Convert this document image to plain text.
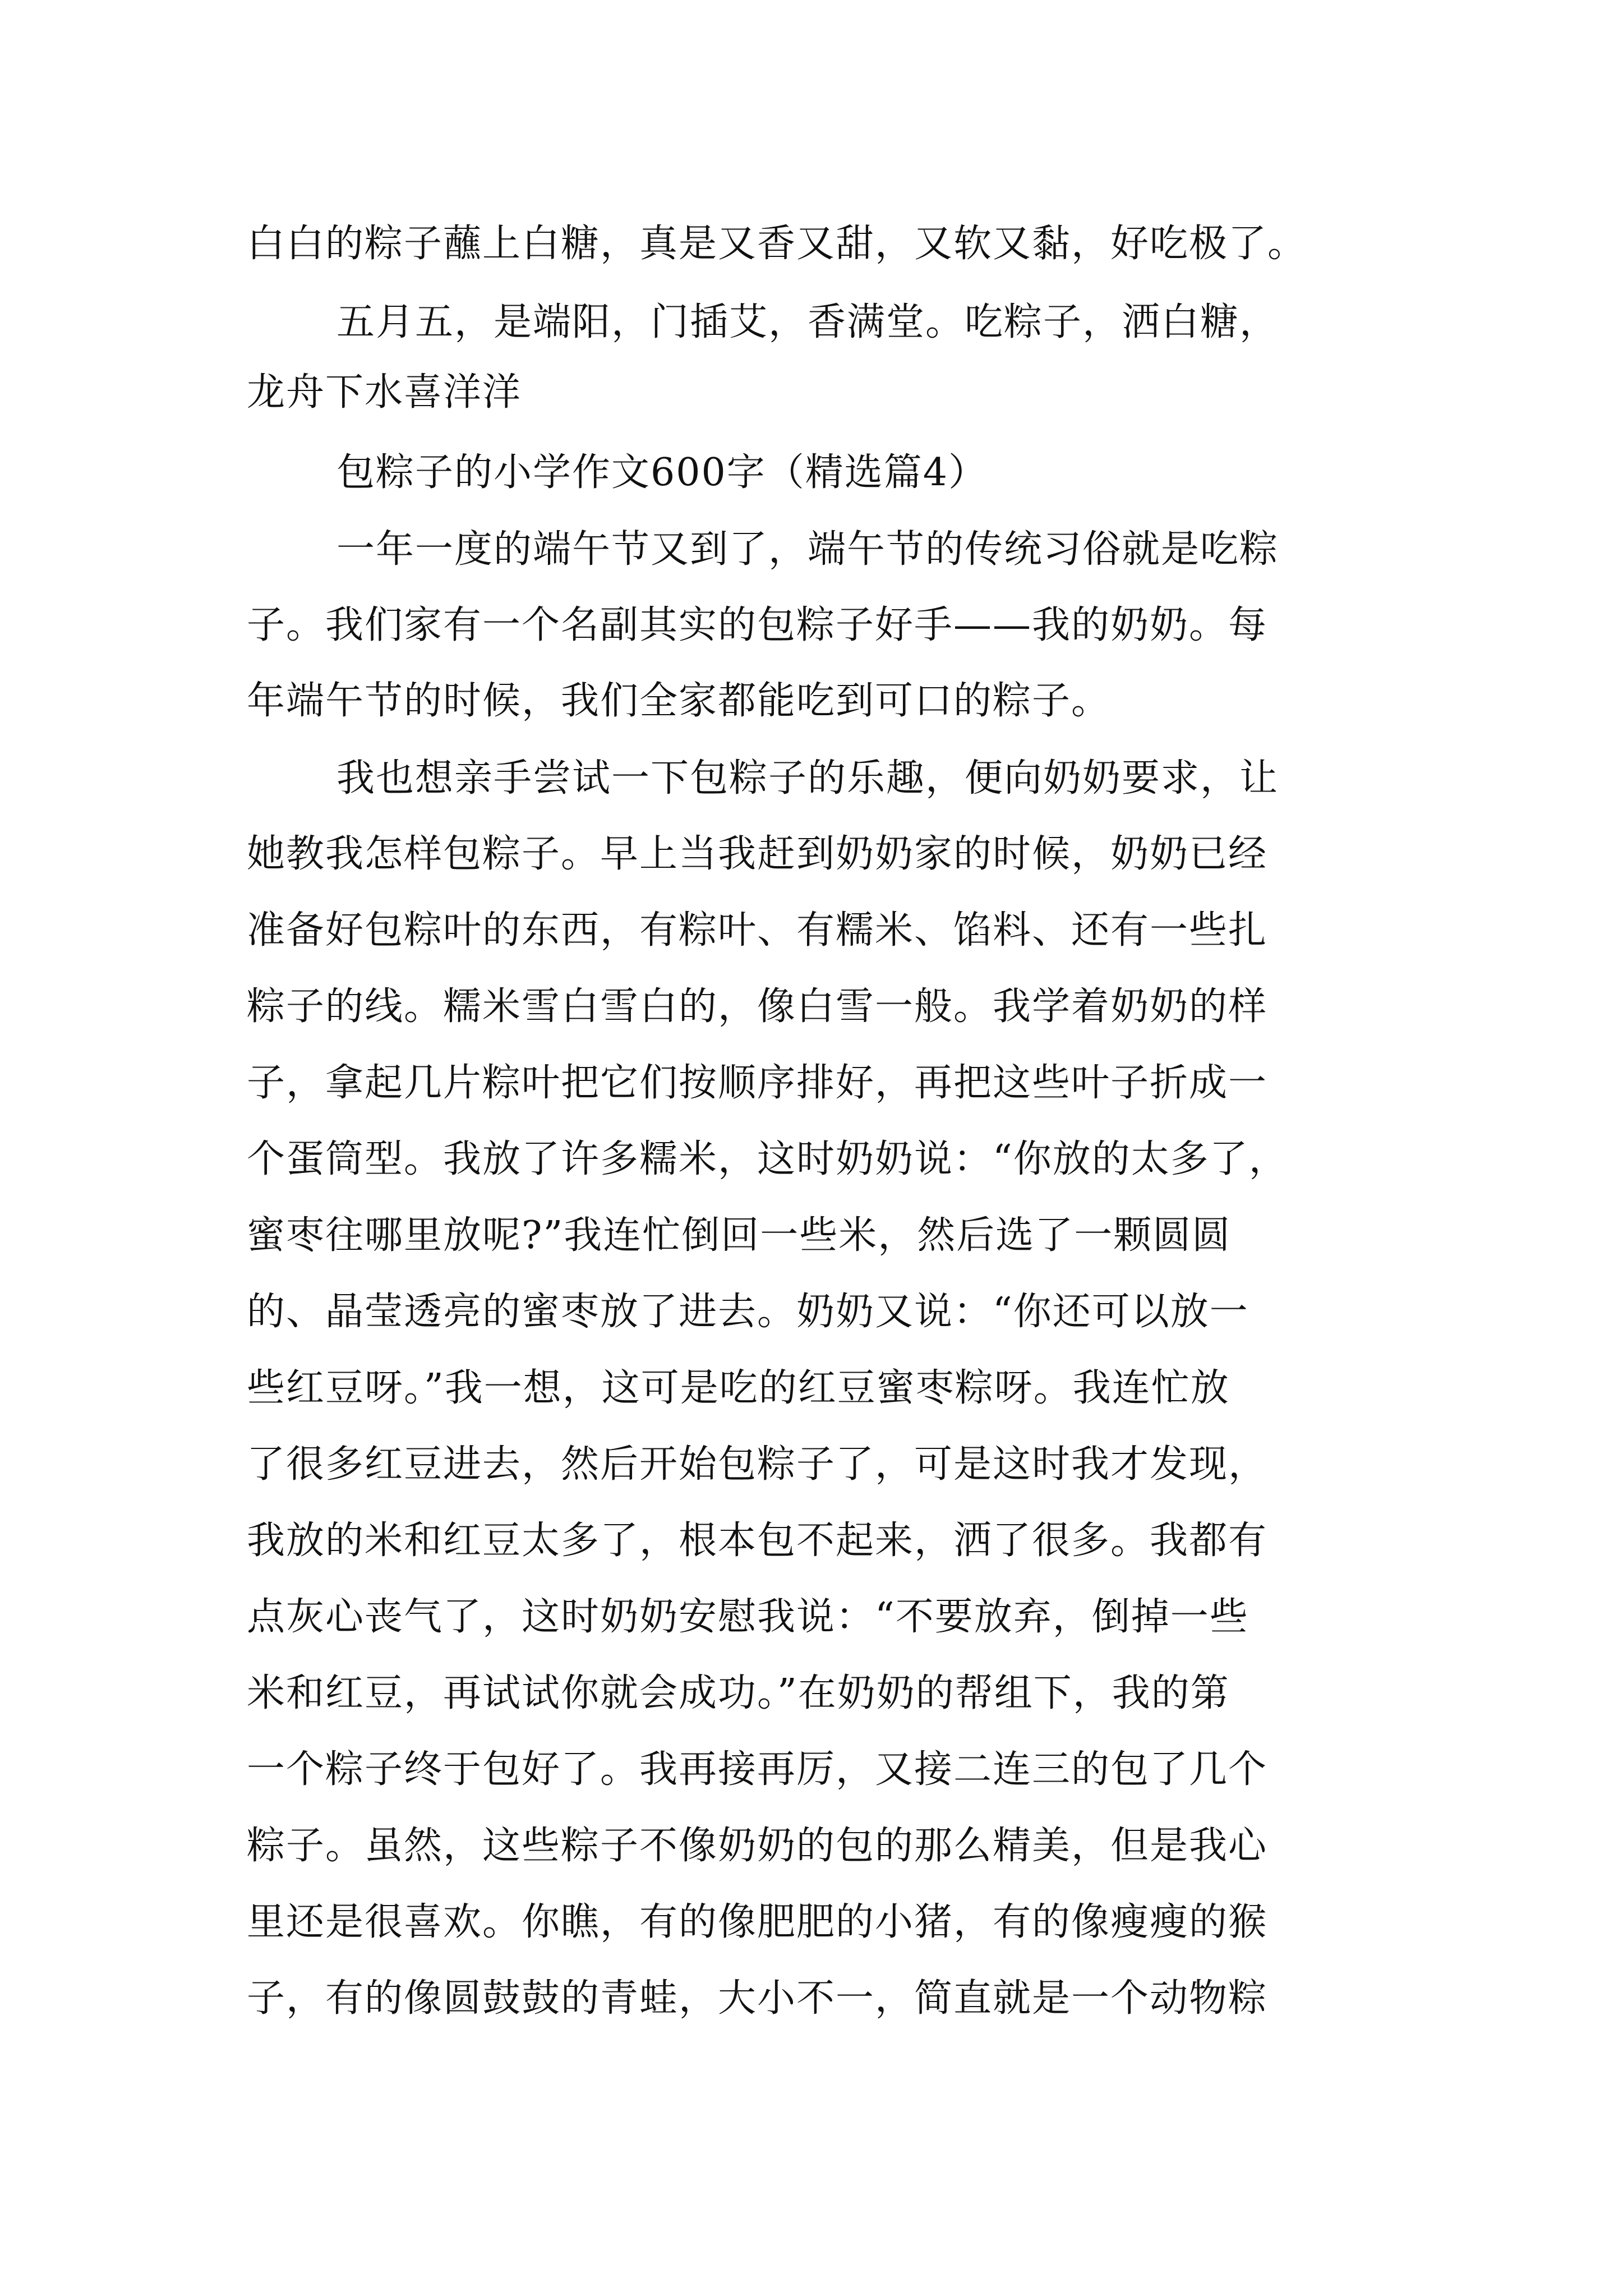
白白的粽子蘸上白糖，真是又香又甜，又软又黏，好吃极了。
五月五，是端阳，门插艾，香满堂。吃粽子，洒白糖，
龙舟下水喜洋洋
包粽子的小学作文600字（精选篇4）
一年一度的端午节又到了，端午节的传统习俗就是吃粽
子。我们家有一个名副其实的包粽子好手——我的奶奶。每
年端午节的时候，我们全家都能吃到可口的粽子。
我也想亲手尝试一下包粽子的乐趣，便向奶奶要求，让
她教我怎样包粽子。早上当我赶到奶奶家的时候，奶奶已经
准备好包粽叶的东西，有粽叶、有糯米、馅料、还有一些扎
粽子的线。糯米雪白雪白的，像白雪一般。我学着奶奶的样
子，拿起几片粽叶把它们按顺序排好，再把这些叶子折成一
个蛋筒型。我放了许多糯米，这时奶奶说：“你放的太多了，
蜜枣往哪里放呢?”我连忙倒回一些米，然后选了一颗圆圆
的、晶莹透亮的蜜枣放了进去。奶奶又说：“你还可以放一
些红豆呀。”我一想，这可是吃的红豆蜜枣粽呀。我连忙放
了很多红豆进去，然后开始包粽子了，可是这时我才发现，
我放的米和红豆太多了，根本包不起来，洒了很多。我都有
点灰心丧气了，这时奶奶安慰我说：“不要放弃，倒掉一些
米和红豆，再试试你就会成功。”在奶奶的帮组下，我的第
一个粽子终于包好了。我再接再厉，又接二连三的包了几个
粽子。虽然，这些粽子不像奶奶的包的那么精美，但是我心
里还是很喜欢。你瞧，有的像肥肥的小猪，有的像瘦瘦的猴
子，有的像圆鼓鼓的青蛙，大小不一，简直就是一个动物粽
